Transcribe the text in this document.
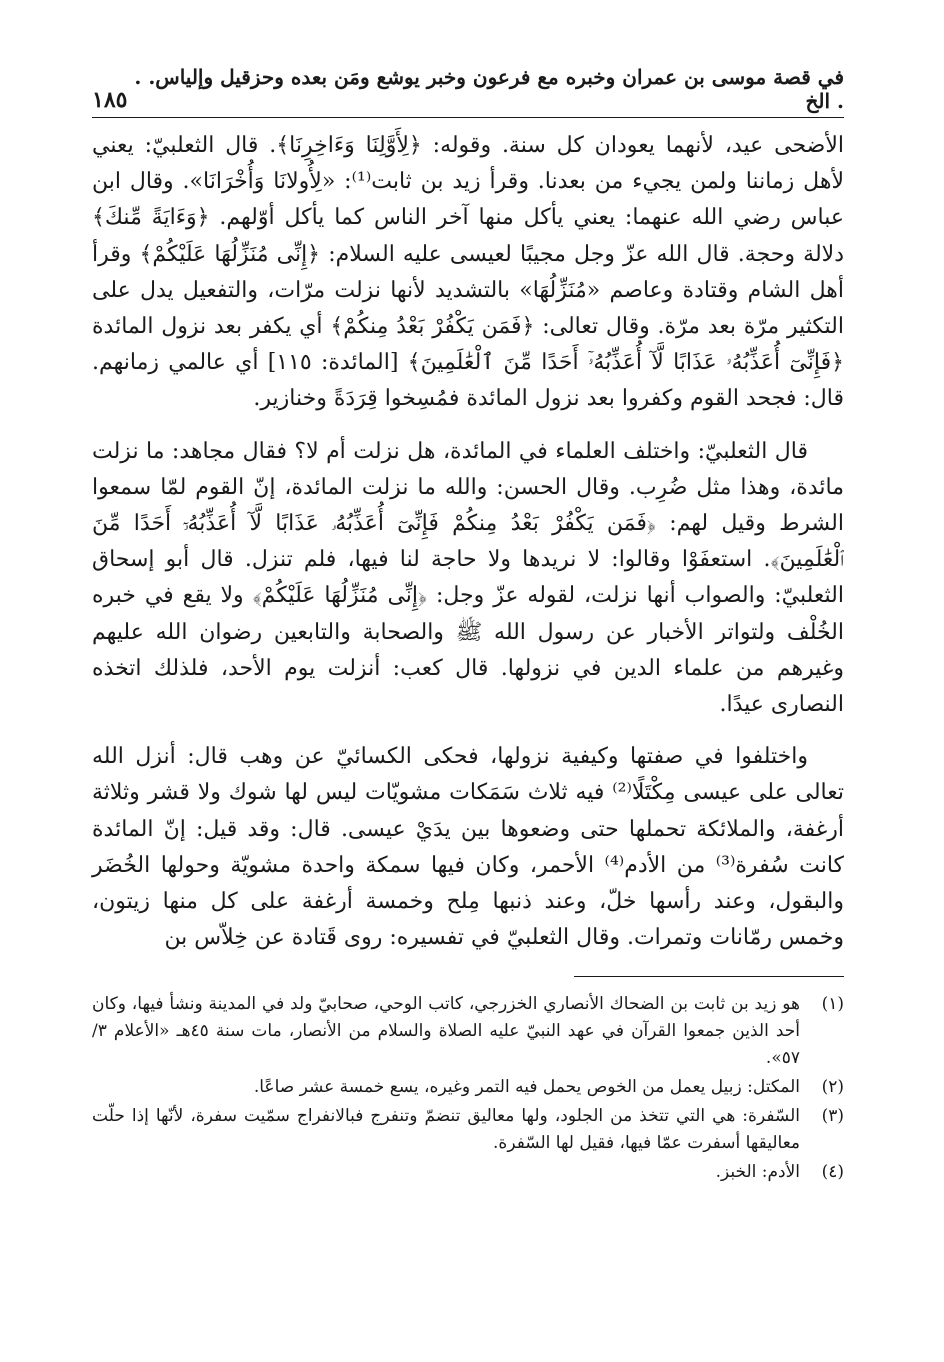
في قصة موسى بن عمران وخبره مع فرعون وخبر يوشع ومَن بعده وحزقيل وإلياس. . . الخ
١٨٥

الأضحى عيد، لأنهما يعودان كل سنة. وقوله: ﴿لِأَوَّلِنَا وَءَاخِرِنَا﴾. قال الثعلبيّ: يعني لأهل زماننا ولمن يجيء من بعدنا. وقرأ زيد بن ثابت⁽¹⁾: «لِأُولانَا وَأُخْرَانَا». وقال ابن عباس رضي الله عنهما: يعني يأكل منها آخر الناس كما يأكل أوّلهم. ﴿وَءَايَةً مِّنكَ﴾ دلالة وحجة. قال الله عزّ وجل مجيبًا لعيسى عليه السلام: ﴿إِنِّى مُنَزِّلُهَا عَلَيْكُمْ﴾ وقرأ أهل الشام وقتادة وعاصم «مُنَزِّلُهَا» بالتشديد لأنها نزلت مرّات، والتفعيل يدل على التكثير مرّة بعد مرّة. وقال تعالى: ﴿فَمَن يَكْفُرْ بَعْدُ مِنكُمْ﴾ أي يكفر بعد نزول المائدة ﴿فَإِنِّىٓ أُعَذِّبُهُۥ عَذَابًا لَّآ أُعَذِّبُهُۥٓ أَحَدًا مِّنَ ٱلْعَٰلَمِينَ﴾ [المائدة: ١١٥] أي عالمي زمانهم. قال: فجحد القوم وكفروا بعد نزول المائدة فمُسِخوا قِرَدَةً وخنازير.

قال الثعلبيّ: واختلف العلماء في المائدة، هل نزلت أم لا؟ فقال مجاهد: ما نزلت مائدة، وهذا مثل ضُرِب. وقال الحسن: والله ما نزلت المائدة، إنّ القوم لمّا سمعوا الشرط وقيل لهم: ﴿فَمَن يَكْفُرْ بَعْدُ مِنكُمْ فَإِنِّىٓ أُعَذِّبُهُۥ عَذَابًا لَّآ أُعَذِّبُهُۥٓ أَحَدًا مِّنَ ٱلْعَٰلَمِينَ﴾. استعفَوْا وقالوا: لا نريدها ولا حاجة لنا فيها، فلم تنزل. قال أبو إسحاق الثعلبيّ: والصواب أنها نزلت، لقوله عزّ وجل: ﴿إِنِّى مُنَزِّلُهَا عَلَيْكُمْ﴾ ولا يقع في خبره الخُلْف ولتواتر الأخبار عن رسول الله ﷺ والصحابة والتابعين رضوان الله عليهم وغيرهم من علماء الدين في نزولها. قال كعب: أنزلت يوم الأحد، فلذلك اتخذه النصارى عيدًا.

واختلفوا في صفتها وكيفية نزولها، فحكى الكسائيّ عن وهب قال: أنزل الله تعالى على عيسى مِكْتَلًا⁽²⁾ فيه ثلاث سَمَكات مشويّات ليس لها شوك ولا قشر وثلاثة أرغفة، والملائكة تحملها حتى وضعوها بين يدَيْ عيسى. قال: وقد قيل: إنّ المائدة كانت سُفرة⁽³⁾ من الأدم⁽⁴⁾ الأحمر، وكان فيها سمكة واحدة مشويّة وحولها الخُضَر والبقول، وعند رأسها خلّ، وعند ذنبها مِلح وخمسة أرغفة على كل منها زيتون، وخمس رمّانات وتمرات. وقال الثعلبيّ في تفسيره: روى قَتادة عن خِلاّس بن

(١)
هو زيد بن ثابت بن الضحاك الأنصاري الخزرجي، كاتب الوحي، صحابيّ ولد في المدينة ونشأ فيها، وكان أحد الذين جمعوا القرآن في عهد النبيّ عليه الصلاة والسلام من الأنصار، مات سنة ٤٥هـ «الأعلام ٣/ ٥٧».
(٢)
المكتل: زبيل يعمل من الخوص يحمل فيه التمر وغيره، يسع خمسة عشر صاعًا.
(٣)
السّفرة: هي التي تتخذ من الجلود، ولها معاليق تنضمّ وتنفرج فبالانفراج سمّيت سفرة، لأنّها إذا حلّت معاليقها أسفرت عمّا فيها، فقيل لها السّفرة.
(٤)
الأدم: الخبز.
